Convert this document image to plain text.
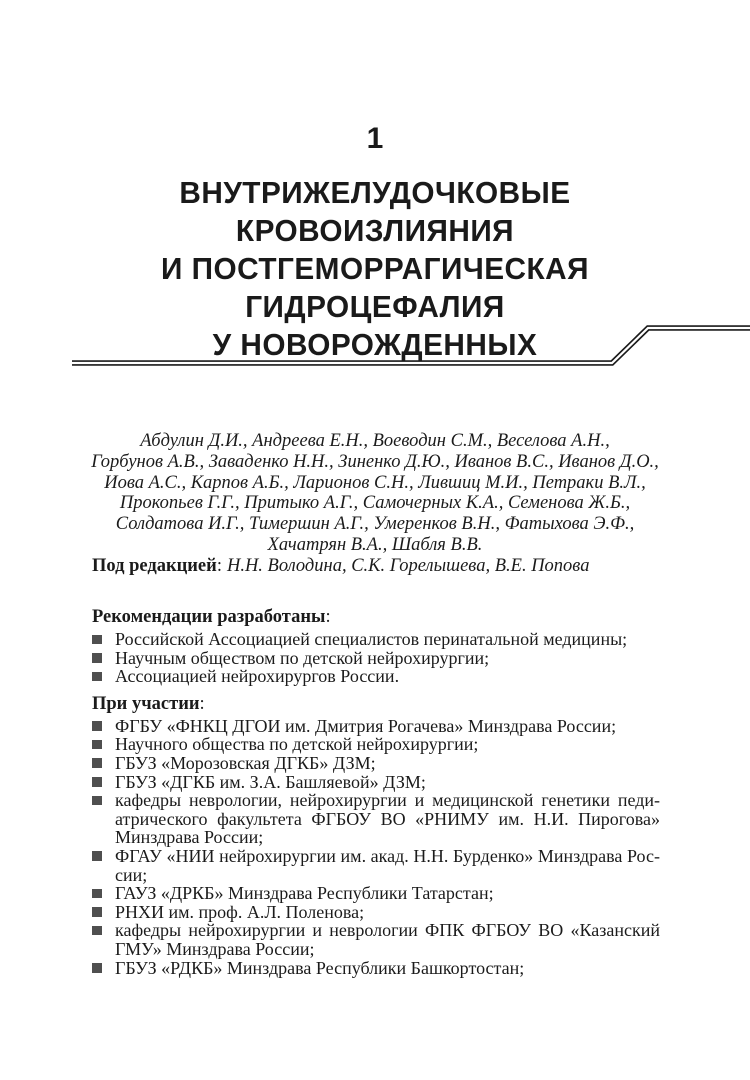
1
ВНУТРИЖЕЛУДОЧКОВЫЕ
КРОВОИЗЛИЯНИЯ
И ПОСТГЕМОРРАГИЧЕСКАЯ
ГИДРОЦЕФАЛИЯ
У НОВОРОЖДЕННЫХ
Абдулин Д.И., Андреева Е.Н., Воеводин С.М., Веселова А.Н.,
Горбунов А.В., Заваденко Н.Н., Зиненко Д.Ю., Иванов В.С., Иванов Д.О.,
Иова А.С., Карпов А.Б., Ларионов С.Н., Лившиц М.И., Петраки В.Л.,
Прокопьев Г.Г., Притыко А.Г., Самочерных К.А., Семенова Ж.Б.,
Солдатова И.Г., Тимершин А.Г., Умеренков В.Н., Фатыхова Э.Ф.,
Хачатрян В.А., Шабля В.В.
Под редакцией: Н.Н. Володина, С.К. Горелышева, В.Е. Попова
Рекомендации разработаны:
Российской Ассоциацией специалистов перинатальной медицины;
Научным обществом по детской нейрохирургии;
Ассоциацией нейрохирургов России.
При участии:
ФГБУ «ФНКЦ ДГОИ им. Дмитрия Рогачева» Минздрава России;
Научного общества по детской нейрохирургии;
ГБУЗ «Морозовская ДГКБ» ДЗМ;
ГБУЗ «ДГКБ им. З.А. Башляевой» ДЗМ;
кафедры неврологии, нейрохирургии и медицинской генетики педи-
атрического факультета ФГБОУ ВО «РНИМУ им. Н.И. Пирогова»
Минздрава России;
ФГАУ «НИИ нейрохирургии им. акад. Н.Н. Бурденко» Минздрава Рос-
сии;
ГАУЗ «ДРКБ» Минздрава Республики Татарстан;
РНХИ им. проф. А.Л. Поленова;
кафедры нейрохирургии и неврологии ФПК ФГБОУ ВО «Казанский
ГМУ» Минздрава России;
ГБУЗ «РДКБ» Минздрава Республики Башкортостан;
